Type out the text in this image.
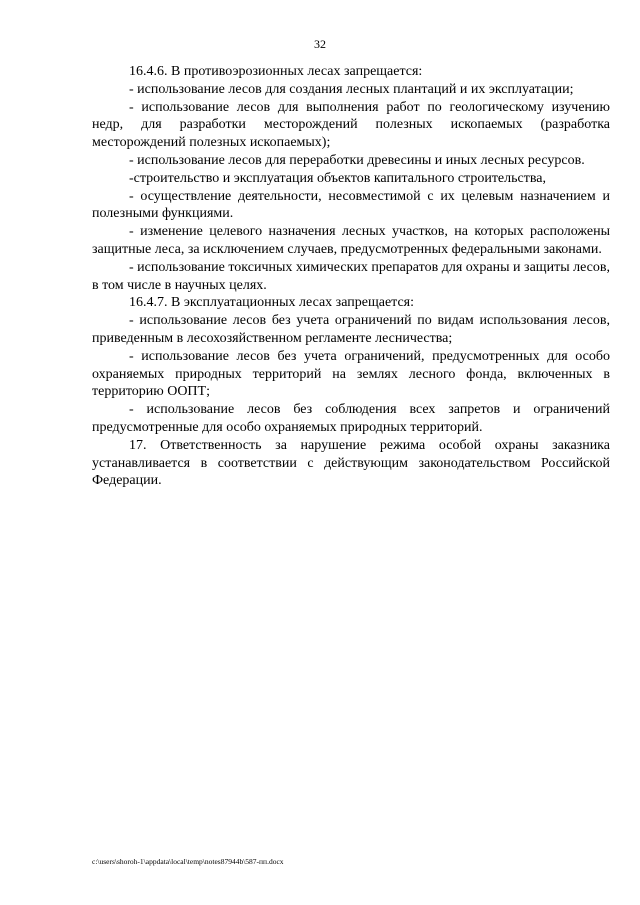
32

16.4.6. В противоэрозионных лесах запрещается:

- использование лесов для создания лесных плантаций и их эксплуатации;

- использование лесов для выполнения работ по геологическому изучению недр, для разработки месторождений полезных ископаемых (разработка месторождений полезных ископаемых);

- использование лесов для переработки древесины и иных лесных ресурсов.

-строительство и эксплуатация объектов капитального строительства,

- осуществление деятельности, несовместимой с их целевым назначением и полезными функциями.

- изменение целевого назначения лесных участков, на которых расположены защитные леса, за исключением случаев, предусмотренных федеральными законами.

- использование токсичных химических препаратов для охраны и защиты лесов, в том числе в научных целях.

16.4.7. В эксплуатационных лесах запрещается:

- использование лесов без учета ограничений по видам использования лесов, приведенным в лесохозяйственном регламенте лесничества;

- использование лесов без учета ограничений, предусмотренных для особо охраняемых природных территорий на землях лесного фонда, включенных в территорию ООПТ;

- использование лесов без соблюдения всех запретов и ограничений предусмотренные для особо охраняемых природных территорий.

17. Ответственность за нарушение режима особой охраны заказника устанавливается в соответствии с действующим законодательством Российской Федерации.

c:\users\shoroh-1\appdata\local\temp\notes87944b\587-пп.docx
